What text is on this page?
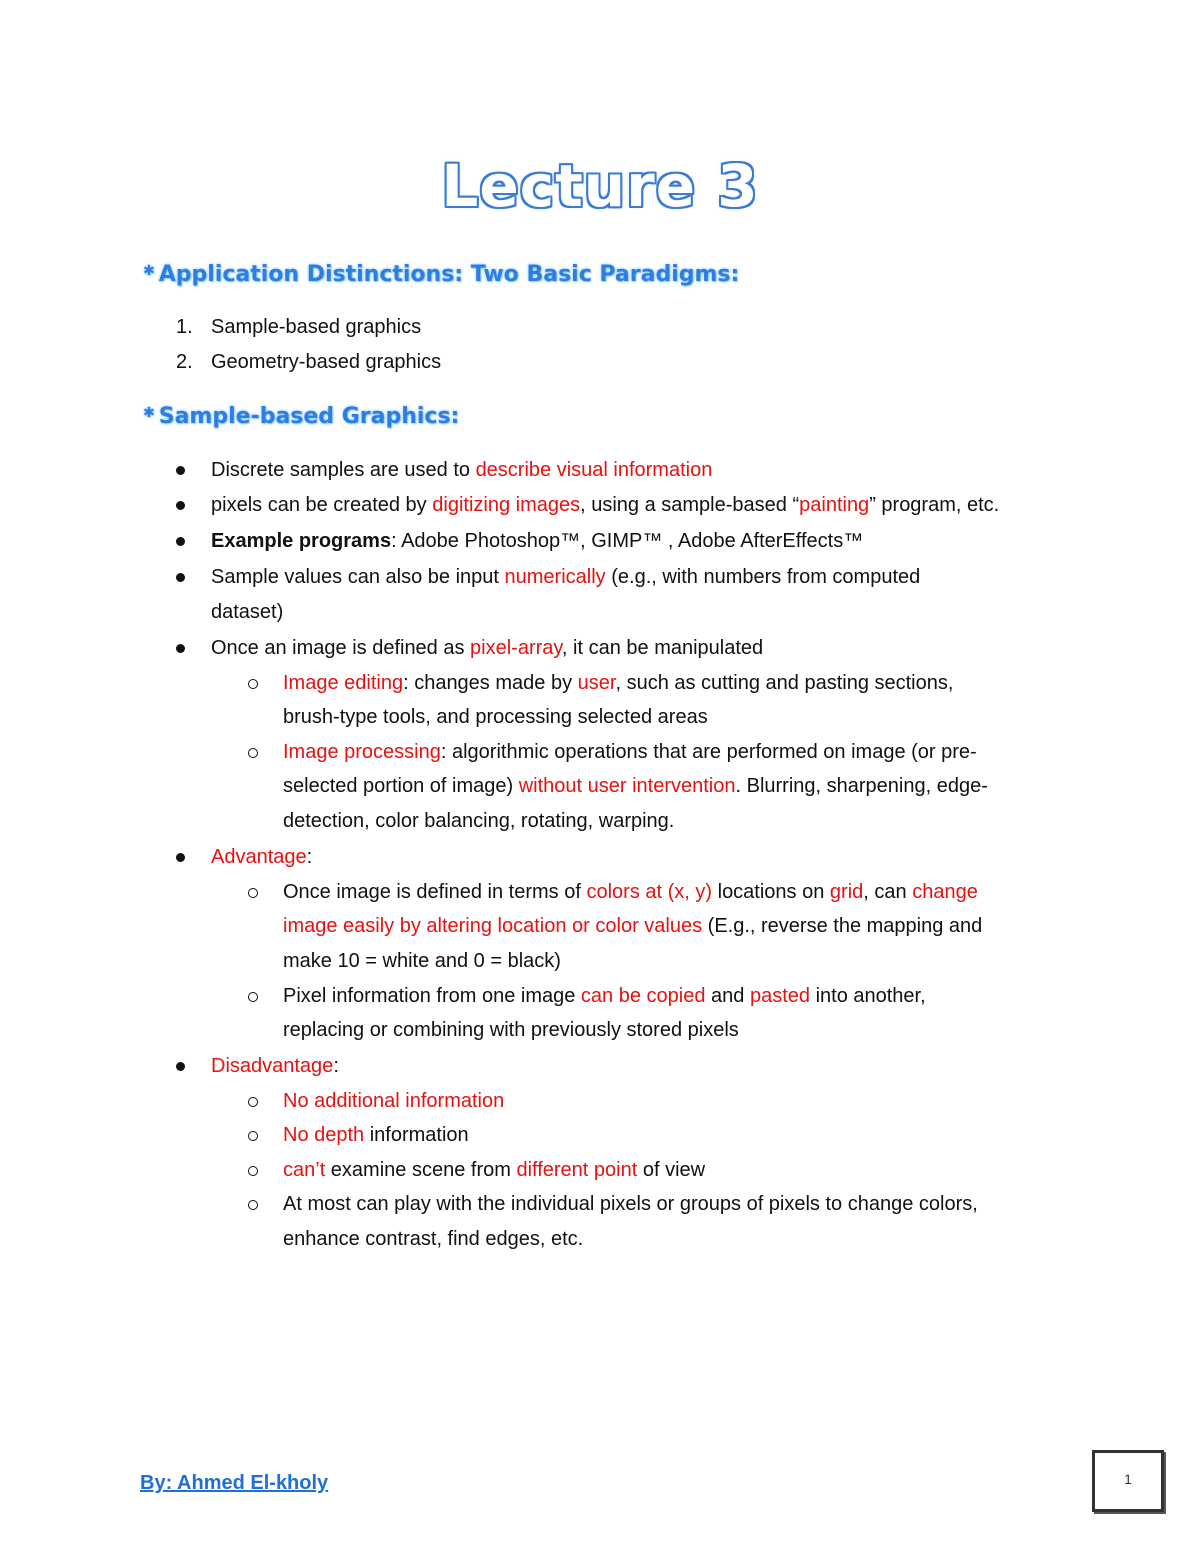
Lecture 3
✱ Application Distinctions: Two Basic Paradigms:
1. Sample-based graphics
2. Geometry-based graphics
✱ Sample-based Graphics:
Discrete samples are used to describe visual information
pixels can be created by digitizing images, using a sample-based “painting” program, etc.
Example programs: Adobe Photoshop™, GIMP™ , Adobe AfterEffects™
Sample values can also be input numerically (e.g., with numbers from computed
dataset)
Once an image is defined as pixel-array, it can be manipulated
Image editing: changes made by user, such as cutting and pasting sections,
brush-type tools, and processing selected areas
Image processing: algorithmic operations that are performed on image (or pre-
selected portion of image) without user intervention. Blurring, sharpening, edge-
detection, color balancing, rotating, warping.
Advantage:
Once image is defined in terms of colors at (x, y) locations on grid, can change
image easily by altering location or color values (E.g., reverse the mapping and
make 10 = white and 0 = black)
Pixel information from one image can be copied and pasted into another,
replacing or combining with previously stored pixels
Disadvantage:
No additional information
No depth information
can’t examine scene from different point of view
At most can play with the individual pixels or groups of pixels to change colors,
enhance contrast, find edges, etc.
By: Ahmed El-kholy	1
